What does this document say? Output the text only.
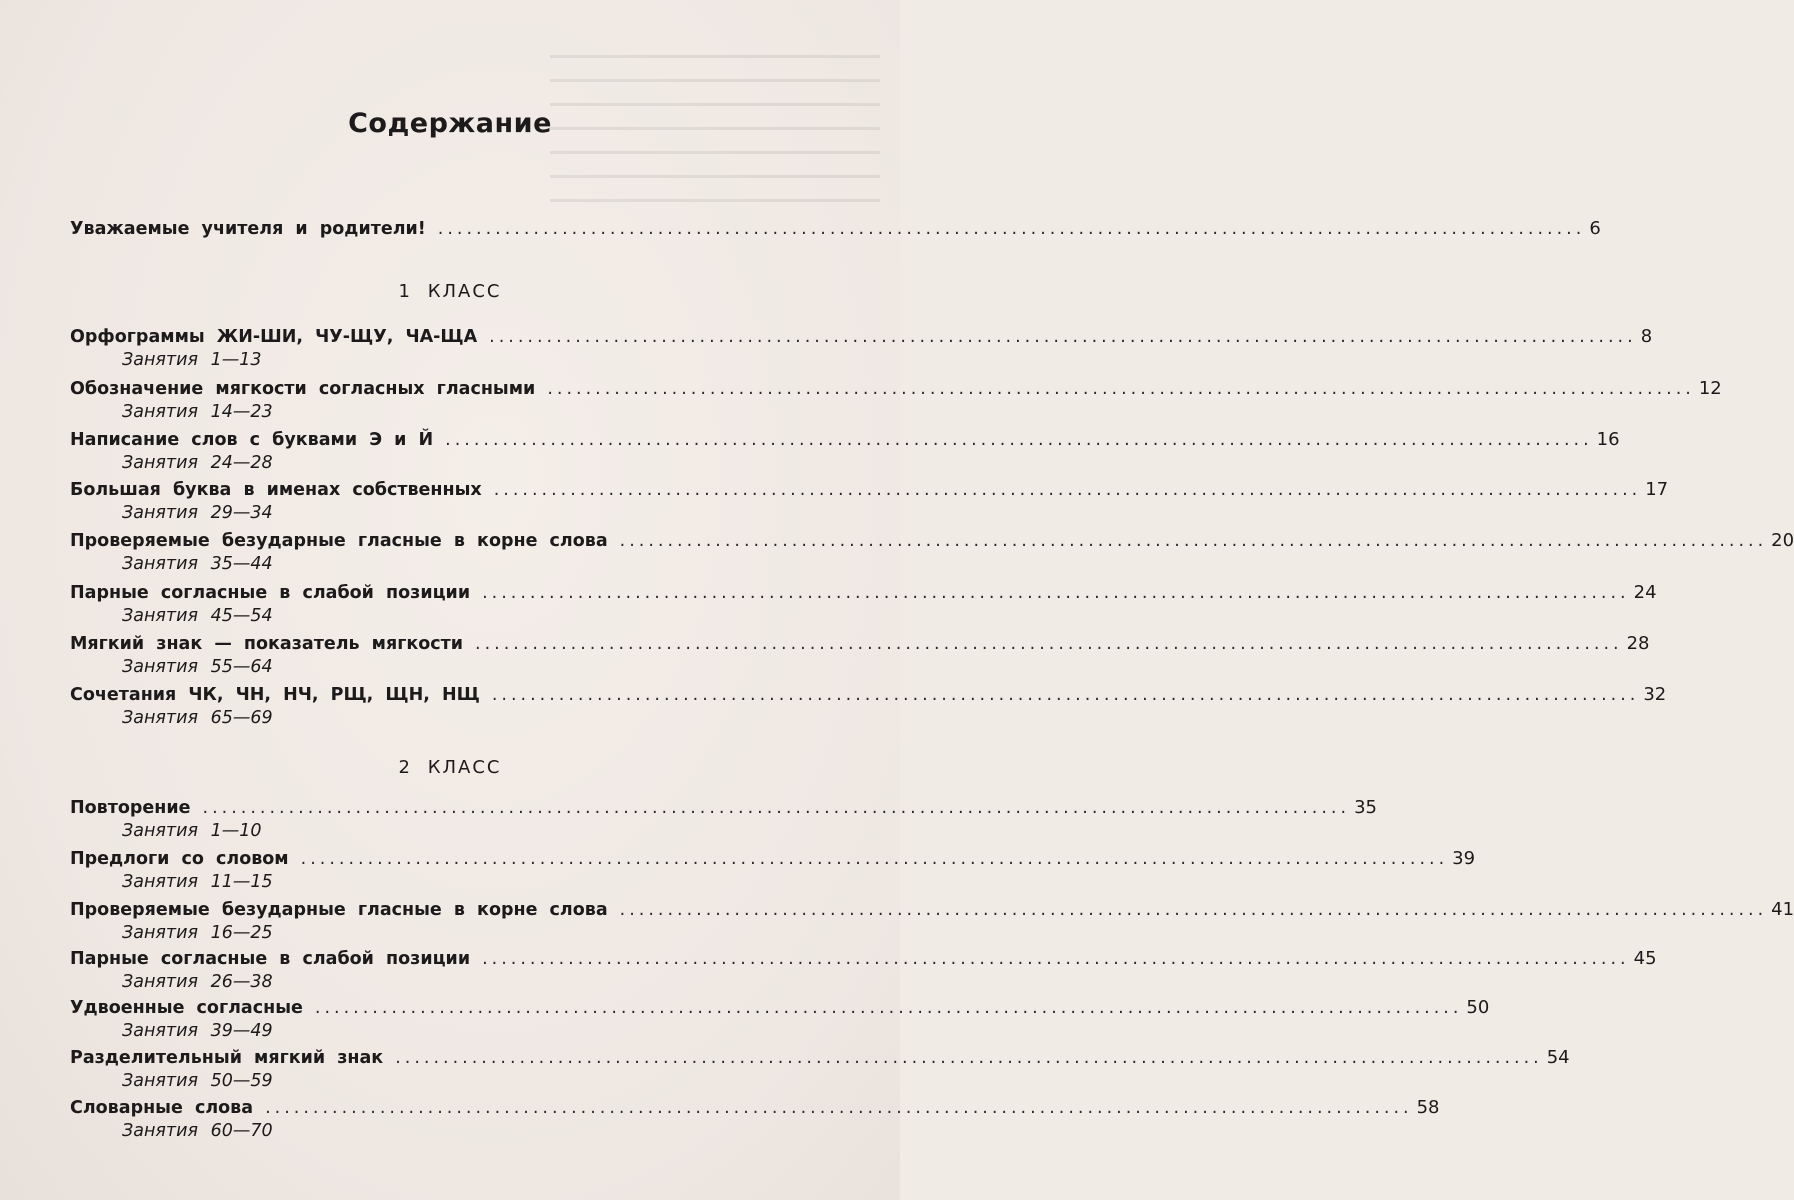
Содержание
Уважаемые учителя и родители! ........................................................................................................................ 6
1 КЛАСС
Орфограммы ЖИ-ШИ, ЧУ-ЩУ, ЧА-ЩА ........................................................................................................................ 8
Занятия 1—13
Обозначение мягкости согласных гласными ........................................................................................................................ 12
Занятия 14—23
Написание слов с буквами Э и Й ........................................................................................................................ 16
Занятия 24—28
Большая буква в именах собственных ........................................................................................................................ 17
Занятия 29—34
Проверяемые безударные гласные в корне слова ........................................................................................................................ 20
Занятия 35—44
Парные согласные в слабой позиции ........................................................................................................................ 24
Занятия 45—54
Мягкий знак — показатель мягкости ........................................................................................................................ 28
Занятия 55—64
Сочетания ЧК, ЧН, НЧ, РЩ, ЩН, НЩ ........................................................................................................................ 32
Занятия 65—69
2 КЛАСС
Повторение ........................................................................................................................ 35
Занятия 1—10
Предлоги со словом ........................................................................................................................ 39
Занятия 11—15
Проверяемые безударные гласные в корне слова ........................................................................................................................ 41
Занятия 16—25
Парные согласные в слабой позиции ........................................................................................................................ 45
Занятия 26—38
Удвоенные согласные ........................................................................................................................ 50
Занятия 39—49
Разделительный мягкий знак ........................................................................................................................ 54
Занятия 50—59
Словарные слова ........................................................................................................................ 58
Занятия 60—70
